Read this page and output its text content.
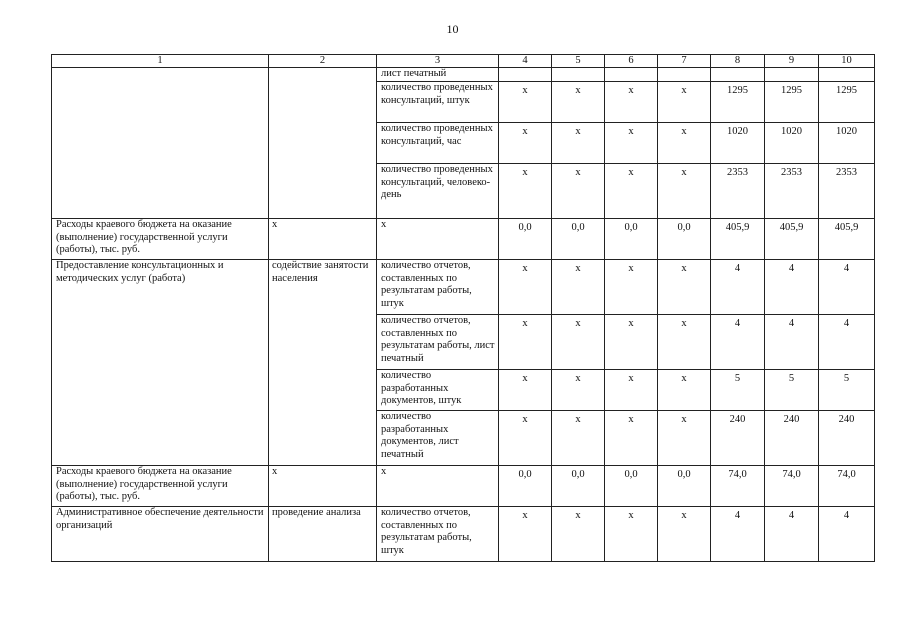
10
1	2	3	4	5	6	7	8	9	10
		лист печатный							
		количество проведенных консультаций, штук	х	х	х	х	1295	1295	1295
		количество проведенных консультаций, час	х	х	х	х	1020	1020	1020
		количество проведенных консультаций, человеко-день	х	х	х	х	2353	2353	2353
Расходы краевого бюджета на оказание (выполнение) государственной услуги (работы), тыс. руб.	х	х	0,0	0,0	0,0	0,0	405,9	405,9	405,9
Предоставление консультационных и методических услуг (работа)	содействие занятости населения	количество отчетов, составленных по результатам работы, штук	х	х	х	х	4	4	4
		количество отчетов, составленных по результатам работы, лист печатный	х	х	х	х	4	4	4
		количество разработанных документов, штук	х	х	х	х	5	5	5
		количество разработанных документов, лист печатный	х	х	х	х	240	240	240
Расходы краевого бюджета на оказание (выполнение) государственной услуги (работы), тыс. руб.	х	х	0,0	0,0	0,0	0,0	74,0	74,0	74,0
Административное обеспечение деятельности организаций	проведение анализа	количество отчетов, составленных по результатам работы, штук	х	х	х	х	4	4	4
